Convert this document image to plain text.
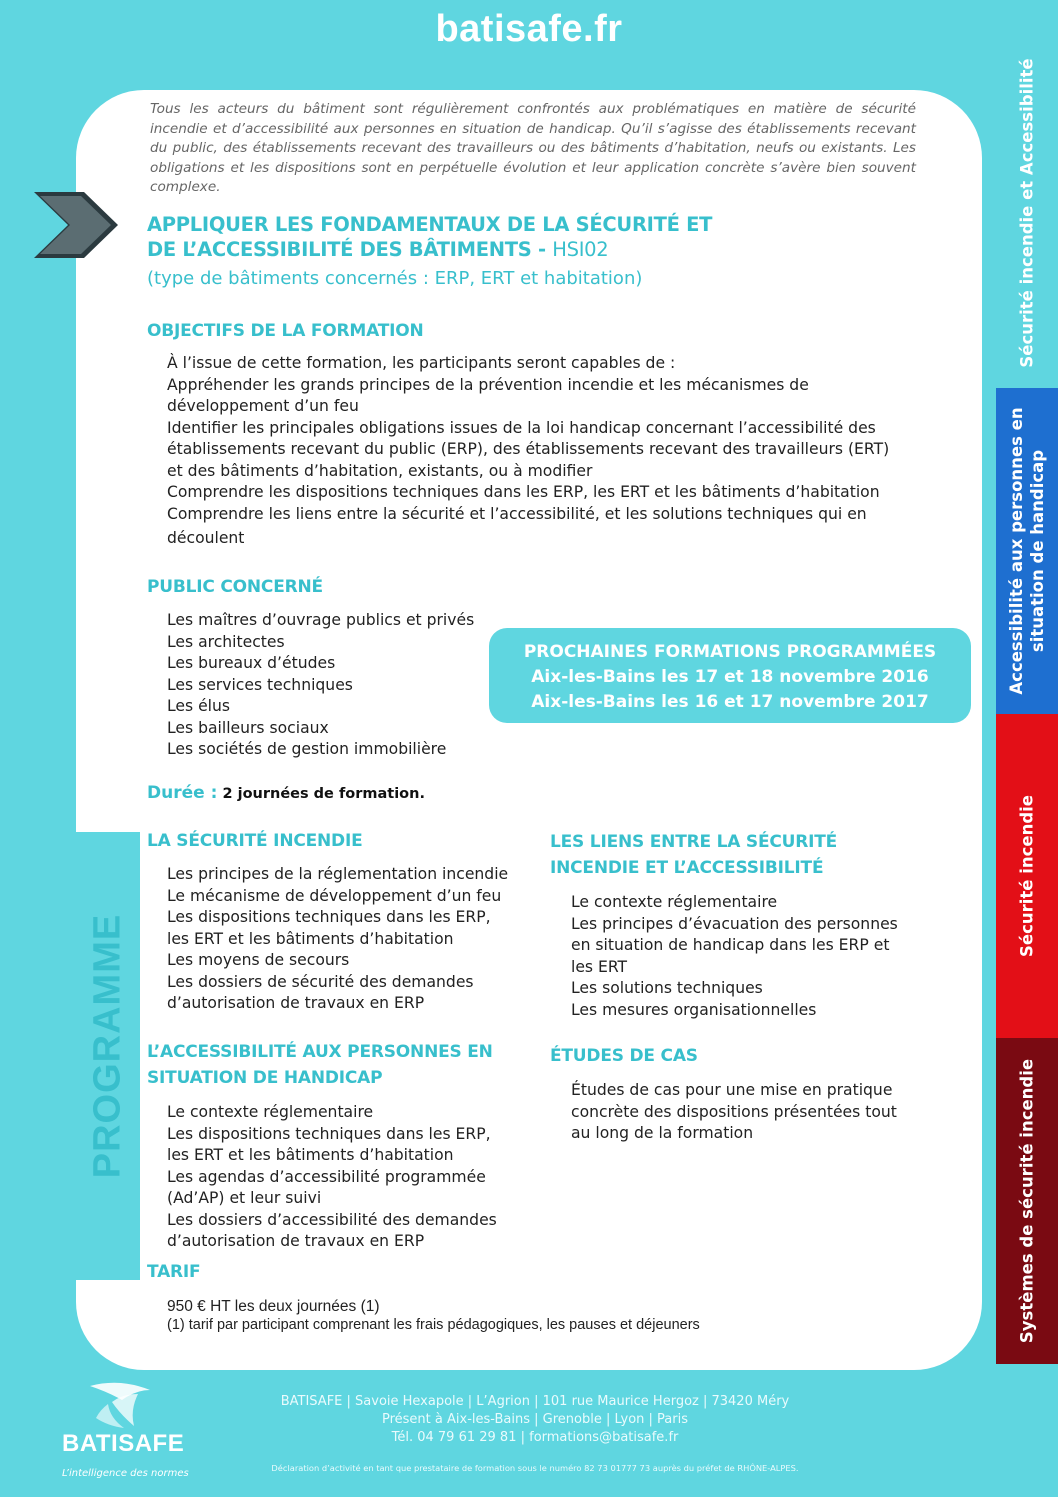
batisafe.fr

Tous les acteurs du bâtiment sont régulièrement confrontés aux problématiques en matière de sécurité incendie et d’accessibilité aux personnes en situation de handicap. Qu’il s’agisse des établissements recevant du public, des établissements recevant des travailleurs ou des bâtiments d’habitation, neufs ou existants. Les obligations et les dispositions sont en perpétuelle évolution et leur application concrète s’avère bien souvent complexe.

APPLIQUER LES FONDAMENTAUX DE LA SÉCURITÉ ET
DE L’ACCESSIBILITÉ DES BÂTIMENTS - HSI02
(type de bâtiments concernés : ERP, ERT et habitation)
OBJECTIFS DE LA FORMATION
À l’issue de cette formation, les participants seront capables de :
Appréhender les grands principes de la prévention incendie et les mécanismes de
développement d’un feu
Identifier les principales obligations issues de la loi handicap concernant l’accessibilité des
établissements recevant du public (ERP), des établissements recevant des travailleurs (ERT)
et des bâtiments d’habitation, existants, ou à modifier
Comprendre les dispositions techniques dans les ERP, les ERT et les bâtiments d’habitation
Comprendre les liens entre la sécurité et l’accessibilité, et les solutions techniques qui en
découlent
PUBLIC CONCERNÉ
Les maîtres d’ouvrage publics et privés
Les architectes
Les bureaux d’études
Les services techniques
Les élus
Les bailleurs sociaux
Les sociétés de gestion immobilière
PROCHAINES FORMATIONS PROGRAMMÉES
Aix-les-Bains les 17 et 18 novembre 2016
Aix-les-Bains les 16 et 17 novembre 2017
Durée : 2 journées de formation.
PROGRAMME
LA SÉCURITÉ INCENDIE
Les principes de la réglementation incendie
Le mécanisme de développement d’un feu
Les dispositions techniques dans les ERP,
les ERT et les bâtiments d’habitation
Les moyens de secours
Les dossiers de sécurité des demandes
d’autorisation de travaux en ERP
L’ACCESSIBILITÉ AUX PERSONNES EN
SITUATION DE HANDICAP
Le contexte réglementaire
Les dispositions techniques dans les ERP,
les ERT et les bâtiments d’habitation
Les agendas d’accessibilité programmée
(Ad’AP) et leur suivi
Les dossiers d’accessibilité des demandes
d’autorisation de travaux en ERP
LES LIENS ENTRE LA SÉCURITÉ
INCENDIE ET L’ACCESSIBILITÉ
Le contexte réglementaire
Les principes d’évacuation des personnes
en situation de handicap dans les ERP et
les ERT
Les solutions techniques
Les mesures organisationnelles
ÉTUDES DE CAS
Études de cas pour une mise en pratique
concrète des dispositions présentées tout
au long de la formation
TARIF
950 € HT les deux journées (1)
(1) tarif par participant comprenant les frais pédagogiques, les pauses et déjeuners
Sécurité incendie et Accessibilité
Accessibilité aux personnes en situation de handicap
Sécurité incendie
Systèmes de sécurité incendie
BATISAFE
L’intelligence des normes
BATISAFE | Savoie Hexapole | L’Agrion | 101 rue Maurice Hergoz | 73420 Méry
Présent à Aix-les-Bains | Grenoble | Lyon | Paris
Tél. 04 79 61 29 81 | formations@batisafe.fr
Déclaration d’activité en tant que prestataire de formation sous le numéro 82 73 01777 73 auprès du préfet de RHÔNE-ALPES.
